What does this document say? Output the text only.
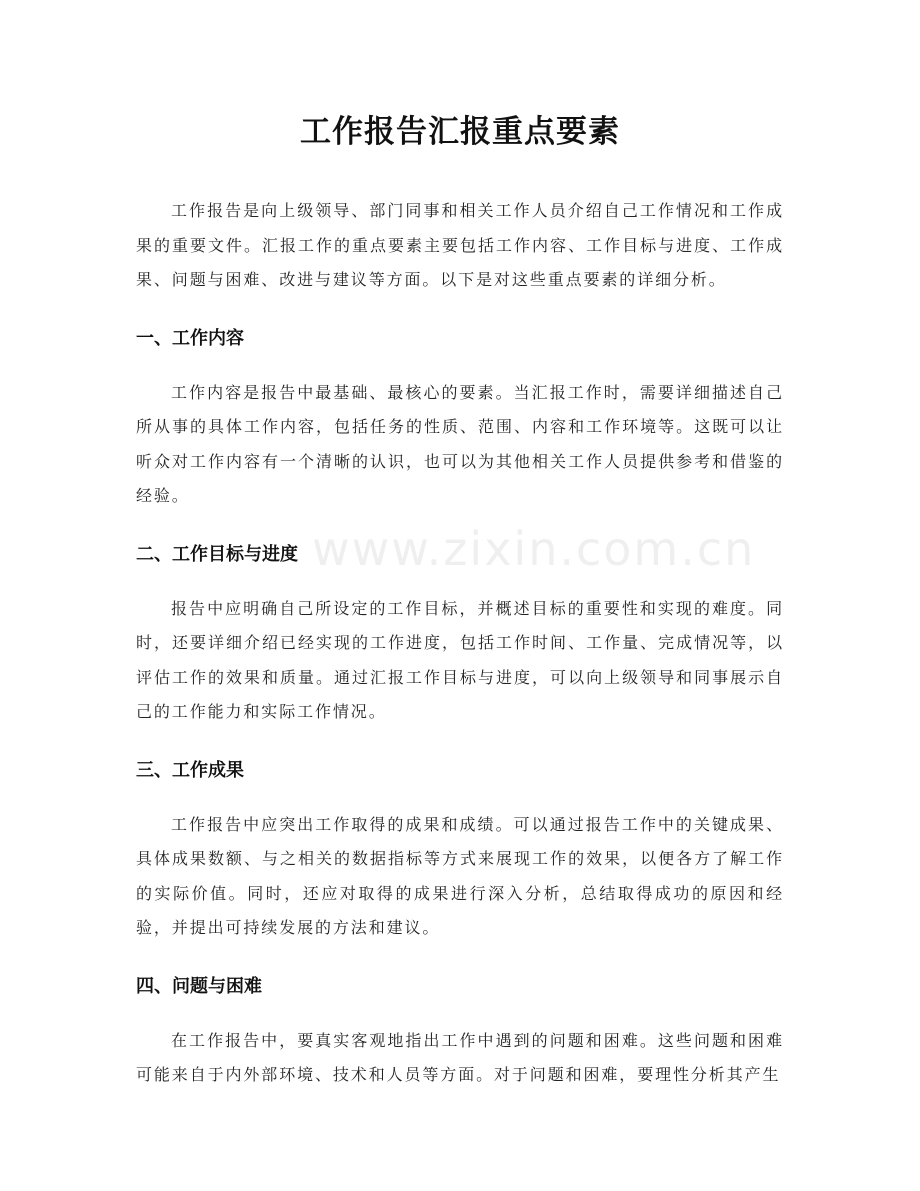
工作报告汇报重点要素

工作报告是向上级领导、部门同事和相关工作人员介绍自己工作情况和工作成果的重要文件。汇报工作的重点要素主要包括工作内容、工作目标与进度、工作成果、问题与困难、改进与建议等方面。以下是对这些重点要素的详细分析。

一、工作内容

工作内容是报告中最基础、最核心的要素。当汇报工作时，需要详细描述自己所从事的具体工作内容，包括任务的性质、范围、内容和工作环境等。这既可以让听众对工作内容有一个清晰的认识，也可以为其他相关工作人员提供参考和借鉴的经验。

二、工作目标与进度

报告中应明确自己所设定的工作目标，并概述目标的重要性和实现的难度。同时，还要详细介绍已经实现的工作进度，包括工作时间、工作量、完成情况等，以评估工作的效果和质量。通过汇报工作目标与进度，可以向上级领导和同事展示自己的工作能力和实际工作情况。

三、工作成果

工作报告中应突出工作取得的成果和成绩。可以通过报告工作中的关键成果、具体成果数额、与之相关的数据指标等方式来展现工作的效果，以便各方了解工作的实际价值。同时，还应对取得的成果进行深入分析，总结取得成功的原因和经验，并提出可持续发展的方法和建议。

四、问题与困难

在工作报告中，要真实客观地指出工作中遇到的问题和困难。这些问题和困难可能来自于内外部环境、技术和人员等方面。对于问题和困难，要理性分析其产生

www.zixin.com.cn
